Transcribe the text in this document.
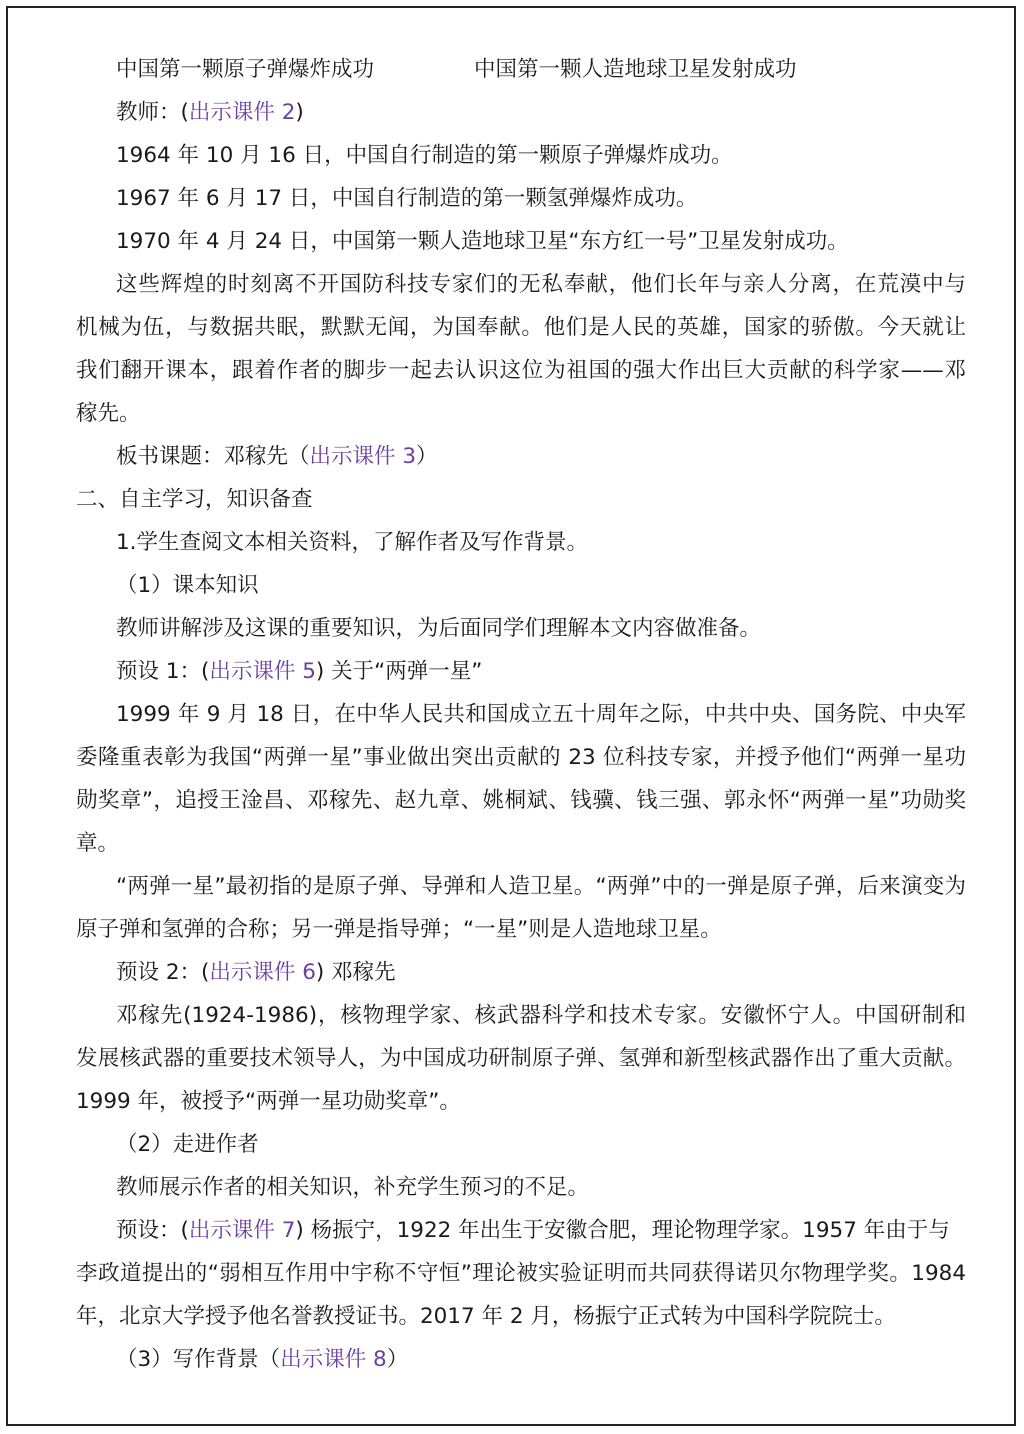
中国第一颗原子弹爆炸成功	中国第一颗人造地球卫星发射成功
教师：(出示课件 2)
1964 年 10 月 16 日，中国自行制造的第一颗原子弹爆炸成功。
1967 年 6 月 17 日，中国自行制造的第一颗氢弹爆炸成功。
1970 年 4 月 24 日，中国第一颗人造地球卫星“东方红一号”卫星发射成功。
这些辉煌的时刻离不开国防科技专家们的无私奉献，他们长年与亲人分离，在荒漠中与
机械为伍，与数据共眠，默默无闻，为国奉献。他们是人民的英雄，国家的骄傲。今天就让
我们翻开课本，跟着作者的脚步一起去认识这位为祖国的强大作出巨大贡献的科学家——邓
稼先。
板书课题：邓稼先（出示课件 3）
二、自主学习，知识备查
1.学生查阅文本相关资料，了解作者及写作背景。
（1）课本知识
教师讲解涉及这课的重要知识，为后面同学们理解本文内容做准备。
预设 1：(出示课件 5) 关于“两弹一星”
1999 年 9 月 18 日，在中华人民共和国成立五十周年之际，中共中央、国务院、中央军
委隆重表彰为我国“两弹一星”事业做出突出贡献的 23 位科技专家，并授予他们“两弹一星功
勋奖章”，追授王淦昌、邓稼先、赵九章、姚桐斌、钱骥、钱三强、郭永怀“两弹一星”功勋奖
章。
“两弹一星”最初指的是原子弹、导弹和人造卫星。“两弹”中的一弹是原子弹，后来演变为
原子弹和氢弹的合称；另一弹是指导弹；“一星”则是人造地球卫星。
预设 2：(出示课件 6) 邓稼先
邓稼先(1924-1986)，核物理学家、核武器科学和技术专家。安徽怀宁人。中国研制和
发展核武器的重要技术领导人，为中国成功研制原子弹、氢弹和新型核武器作出了重大贡献。
1999 年，被授予“两弹一星功勋奖章”。
（2）走进作者
教师展示作者的相关知识，补充学生预习的不足。
预设：(出示课件 7) 杨振宁，1922 年出生于安徽合肥，理论物理学家。1957 年由于与
李政道提出的“弱相互作用中宇称不守恒”理论被实验证明而共同获得诺贝尔物理学奖。1984
年，北京大学授予他名誉教授证书。2017 年 2 月，杨振宁正式转为中国科学院院士。
（3）写作背景（出示课件 8）
